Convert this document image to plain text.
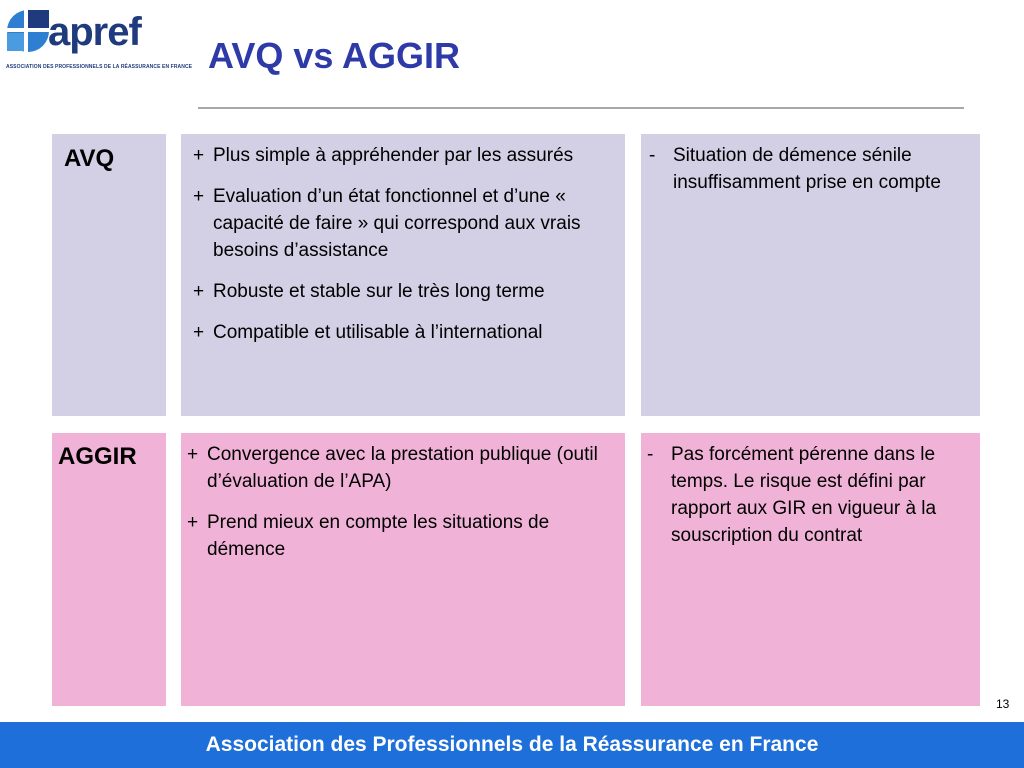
apref
ASSOCIATION DES PROFESSIONNELS DE LA RÉASSURANCE EN FRANCE AVQ vs AGGIR
AVQ	+ Plus simple à appréhender par les assurés
+ Evaluation d’un état fonctionnel et d’une « capacité de faire » qui correspond aux vrais besoins d’assistance
+ Robuste et stable sur le très long terme
+ Compatible et utilisable à l’international
- Situation de démence sénile insuffisamment prise en compte
AGGIR	+ Convergence avec la prestation publique (outil d’évaluation de l’APA)
+ Prend mieux en compte les situations de démence
- Pas forcément pérenne dans le temps. Le risque est défini par rapport aux GIR en vigueur à la souscription du contrat
13
Association des Professionnels de la Réassurance en France
